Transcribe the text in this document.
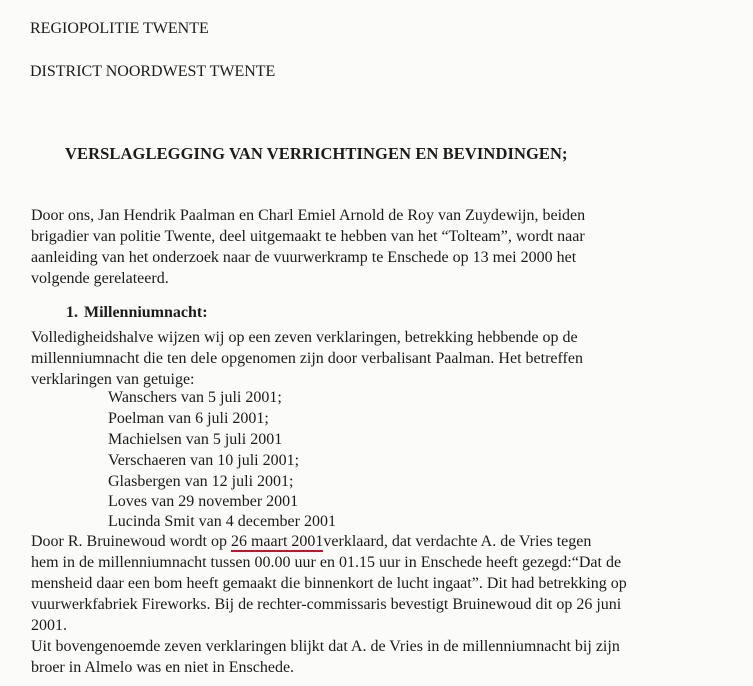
REGIOPOLITIE TWENTE
DISTRICT NOORDWEST TWENTE
VERSLAGLEGGING VAN VERRICHTINGEN EN BEVINDINGEN;
Door ons, Jan Hendrik Paalman en Charl Emiel Arnold de Roy van Zuydewijn, beiden
brigadier van politie Twente, deel uitgemaakt te hebben van het “Tolteam”, wordt naar
aanleiding van het onderzoek naar de vuurwerkramp te Enschede op 13 mei 2000 het
volgende gerelateerd.
1. Millenniumnacht:
Volledigheidshalve wijzen wij op een zeven verklaringen, betrekking hebbende op de
millenniumnacht die ten dele opgenomen zijn door verbalisant Paalman. Het betreffen
verklaringen van getuige:
Wanschers van 5 juli 2001;
Poelman van 6 juli 2001;
Machielsen van 5 juli 2001
Verschaeren van 10 juli 2001;
Glasbergen van 12 juli 2001;
Loves van 29 november 2001
Lucinda Smit van 4 december 2001
Door R. Bruinewoud wordt op 26 maart 2001verklaard, dat verdachte A. de Vries tegen
hem in de millenniumnacht tussen 00.00 uur en 01.15 uur in Enschede heeft gezegd:“Dat de
mensheid daar een bom heeft gemaakt die binnenkort de lucht ingaat”. Dit had betrekking op
vuurwerkfabriek Fireworks. Bij de rechter-commissaris bevestigt Bruinewoud dit op 26 juni
2001.
Uit bovengenoemde zeven verklaringen blijkt dat A. de Vries in de millenniumnacht bij zijn
broer in Almelo was en niet in Enschede.
